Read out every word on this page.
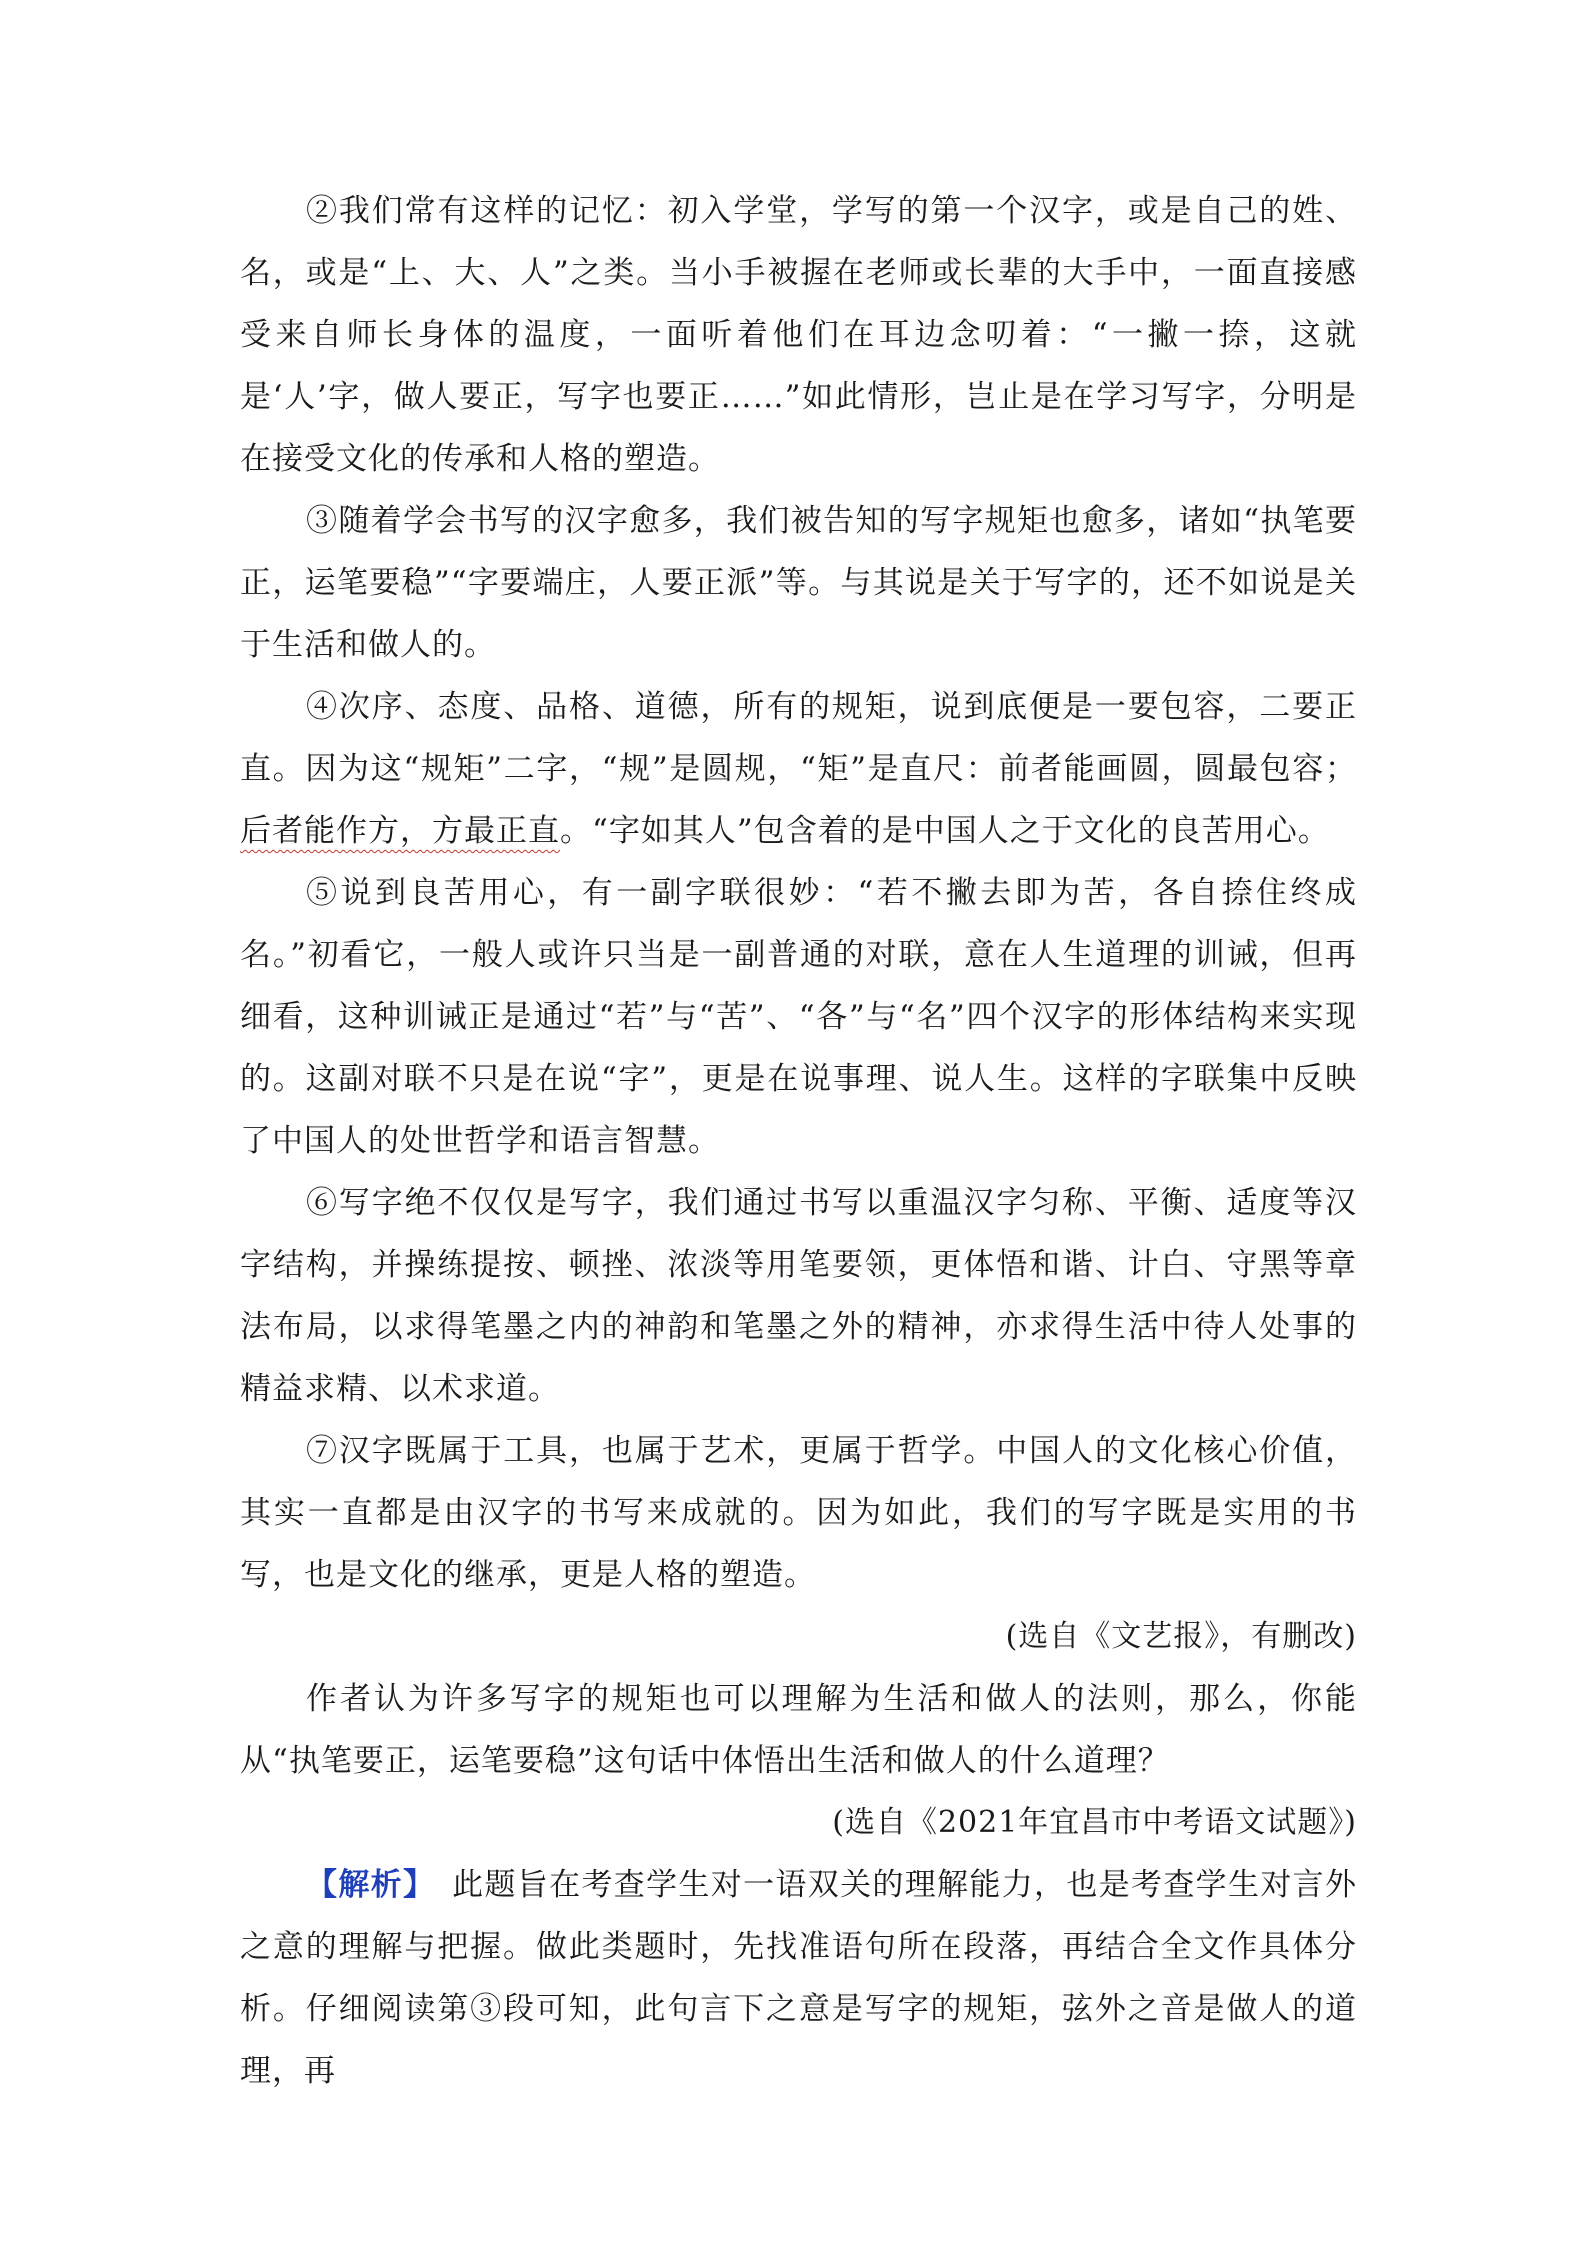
②我们常有这样的记忆：初入学堂，学写的第一个汉字，或是自己的姓、名，或是“上、大、人”之类。当小手被握在老师或长辈的大手中，一面直接感受来自师长身体的温度，一面听着他们在耳边念叨着：“一撇一捺，这就是‘人’字，做人要正，写字也要正……”如此情形，岂止是在学习写字，分明是在接受文化的传承和人格的塑造。

③随着学会书写的汉字愈多，我们被告知的写字规矩也愈多，诸如“执笔要正，运笔要稳”“字要端庄，人要正派”等。与其说是关于写字的，还不如说是关于生活和做人的。

④次序、态度、品格、道德，所有的规矩，说到底便是一要包容，二要正直。因为这“规矩”二字，“规”是圆规，“矩”是直尺：前者能画圆，圆最包容；后者能作方，方最正直。“字如其人”包含着的是中国人之于文化的良苦用心。

⑤说到良苦用心，有一副字联很妙：“若不撇去即为苦，各自捺住终成名。”初看它，一般人或许只当是一副普通的对联，意在人生道理的训诫，但再细看，这种训诫正是通过“若”与“苦”、“各”与“名”四个汉字的形体结构来实现的。这副对联不只是在说“字”，更是在说事理、说人生。这样的字联集中反映了中国人的处世哲学和语言智慧。

⑥写字绝不仅仅是写字，我们通过书写以重温汉字匀称、平衡、适度等汉字结构，并操练提按、顿挫、浓淡等用笔要领，更体悟和谐、计白、守黑等章法布局，以求得笔墨之内的神韵和笔墨之外的精神，亦求得生活中待人处事的精益求精、以术求道。

⑦汉字既属于工具，也属于艺术，更属于哲学。中国人的文化核心价值，其实一直都是由汉字的书写来成就的。因为如此，我们的写字既是实用的书写，也是文化的继承，更是人格的塑造。

(选自《文艺报》，有删改)

作者认为许多写字的规矩也可以理解为生活和做人的法则，那么，你能从“执笔要正，运笔要稳”这句话中体悟出生活和做人的什么道理？

(选自《2021年宜昌市中考语文试题》)

【解析】　此题旨在考查学生对一语双关的理解能力，也是考查学生对言外之意的理解与把握。做此类题时，先找准语句所在段落，再结合全文作具体分析。仔细阅读第③段可知，此句言下之意是写字的规矩，弦外之音是做人的道理，再
